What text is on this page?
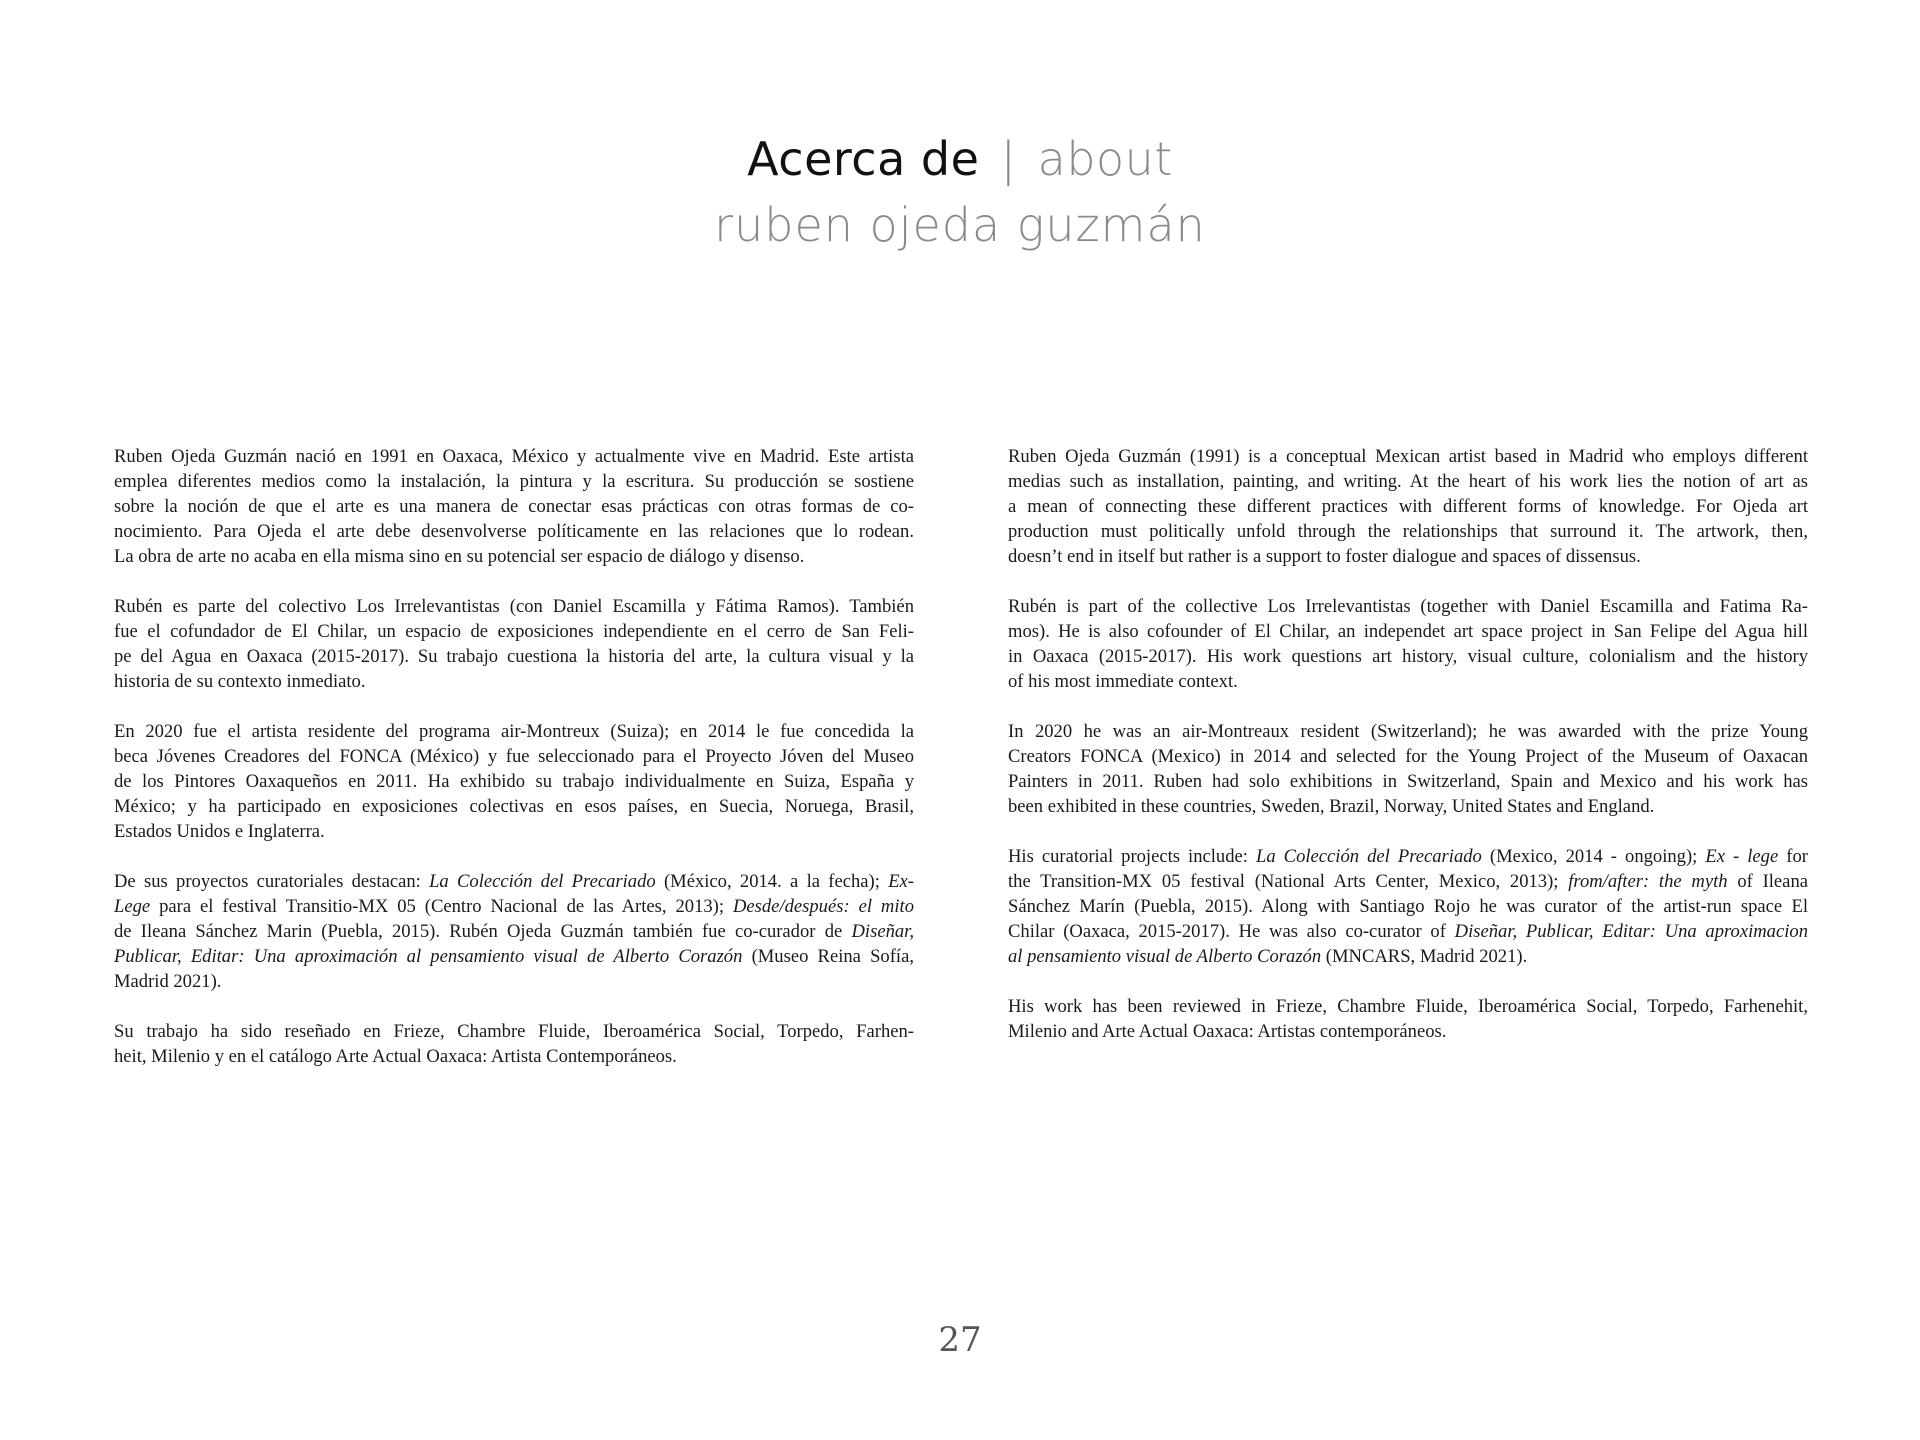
Acerca de | about
ruben ojeda guzmán
Ruben Ojeda Guzmán nació en 1991 en Oaxaca, México y actualmente vive en Madrid. Este artista
emplea diferentes medios como la instalación, la pintura y la escritura. Su producción se sostiene
sobre la noción de que el arte es una manera de conectar esas prácticas con otras formas de co-
nocimiento. Para Ojeda el arte debe desenvolverse políticamente en las relaciones que lo rodean.
La obra de arte no acaba en ella misma sino en su potencial ser espacio de diálogo y disenso.
Rubén es parte del colectivo Los Irrelevantistas (con Daniel Escamilla y Fátima Ramos). También
fue el cofundador de El Chilar, un espacio de exposiciones independiente en el cerro de San Feli-
pe del Agua en Oaxaca (2015-2017). Su trabajo cuestiona la historia del arte, la cultura visual y la
historia de su contexto inmediato.
En 2020 fue el artista residente del programa air-Montreux (Suiza); en 2014 le fue concedida la
beca Jóvenes Creadores del FONCA (México) y fue seleccionado para el Proyecto Jóven del Museo
de los Pintores Oaxaqueños en 2011. Ha exhibido su trabajo individualmente en Suiza, España y
México; y ha participado en exposiciones colectivas en esos países, en Suecia, Noruega, Brasil,
Estados Unidos e Inglaterra.
De sus proyectos curatoriales destacan: La Colección del Precariado (México, 2014. a la fecha); Ex-
Lege para el festival Transitio-MX 05 (Centro Nacional de las Artes, 2013); Desde/después: el mito
de Ileana Sánchez Marin (Puebla, 2015). Rubén Ojeda Guzmán también fue co-curador de Diseñar,
Publicar, Editar: Una aproximación al pensamiento visual de Alberto Corazón (Museo Reina Sofía,
Madrid 2021).
Su trabajo ha sido reseñado en Frieze, Chambre Fluide, Iberoamérica Social, Torpedo, Farhen-
heit, Milenio y en el catálogo Arte Actual Oaxaca: Artista Contemporáneos.
Ruben Ojeda Guzmán (1991) is a conceptual Mexican artist based in Madrid who employs different
medias such as installation, painting, and writing. At the heart of his work lies the notion of art as
a mean of connecting these different practices with different forms of knowledge. For Ojeda art
production must politically unfold through the relationships that surround it. The artwork, then,
doesn’t end in itself but rather is a support to foster dialogue and spaces of dissensus.
Rubén is part of the collective Los Irrelevantistas (together with Daniel Escamilla and Fatima Ra-
mos). He is also cofounder of El Chilar, an independet art space project in San Felipe del Agua hill
in Oaxaca (2015-2017). His work questions art history, visual culture, colonialism and the history
of his most immediate context.
In 2020 he was an air-Montreaux resident (Switzerland); he was awarded with the prize Young
Creators FONCA (Mexico) in 2014 and selected for the Young Project of the Museum of Oaxacan
Painters in 2011. Ruben had solo exhibitions in Switzerland, Spain and Mexico and his work has
been exhibited in these countries, Sweden, Brazil, Norway, United States and England.
His curatorial projects include: La Colección del Precariado (Mexico, 2014 - ongoing); Ex - lege for
the Transition-MX 05 festival (National Arts Center, Mexico, 2013); from/after: the myth of Ileana
Sánchez Marín (Puebla, 2015). Along with Santiago Rojo he was curator of the artist-run space El
Chilar (Oaxaca, 2015-2017). He was also co-curator of Diseñar, Publicar, Editar: Una aproximacion
al pensamiento visual de Alberto Corazón (MNCARS, Madrid 2021).
His work has been reviewed in Frieze, Chambre Fluide, Iberoamérica Social, Torpedo, Farhenehit,
Milenio and Arte Actual Oaxaca: Artistas contemporáneos.
27
